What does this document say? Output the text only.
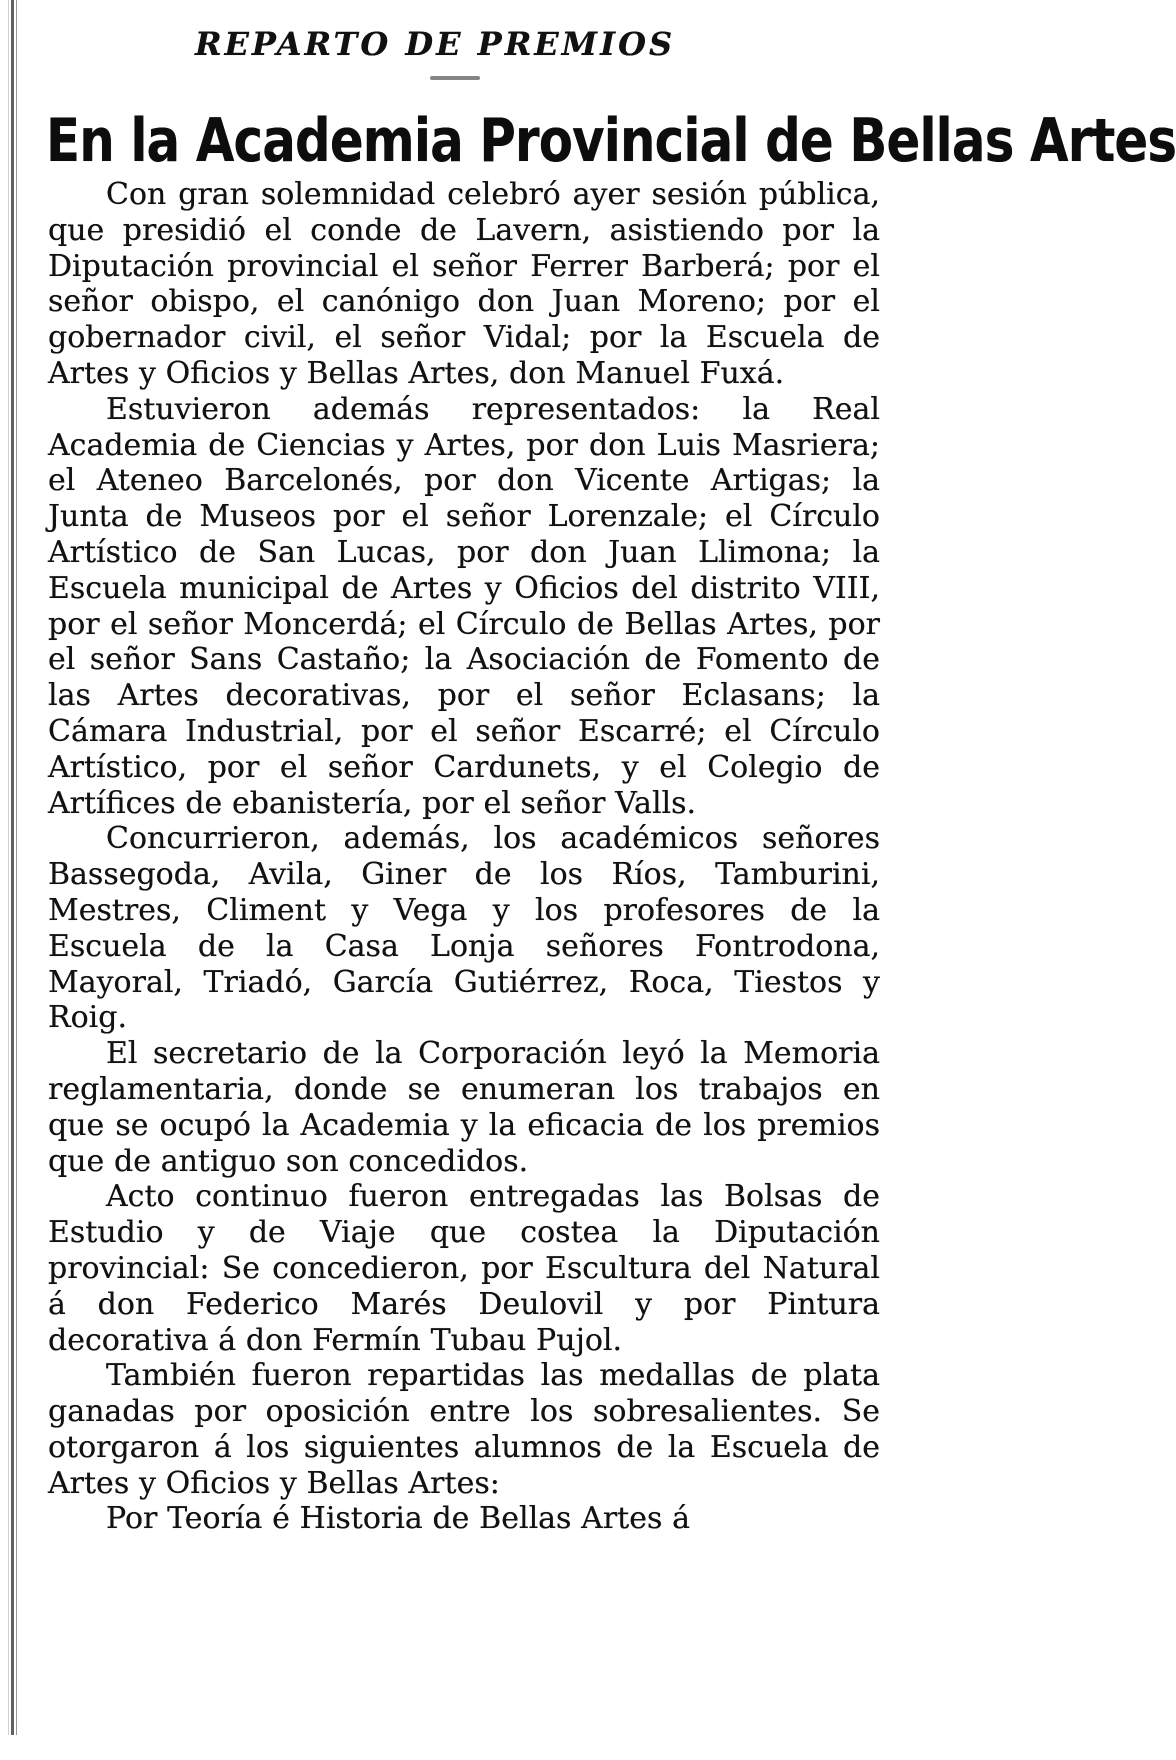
REPARTO DE PREMIOS
En la Academia Provincial de Bellas Artes

Con gran solemnidad celebró ayer sesión pública, que presidió el conde de Lavern, asistiendo por la Diputación provincial el señor Ferrer Barberá; por el señor obispo, el canónigo don Juan Moreno; por el gobernador civil, el señor Vidal; por la Escuela de Artes y Oficios y Bellas Artes, don Manuel Fuxá.

Estuvieron además representados: la Real Academia de Ciencias y Artes, por don Luis Masriera; el Ateneo Barcelonés, por don Vicente Artigas; la Junta de Museos por el señor Lorenzale; el Círculo Artístico de San Lucas, por don Juan Llimona; la Escuela municipal de Artes y Oficios del distrito VIII, por el señor Moncerdá; el Círculo de Bellas Artes, por el señor Sans Castaño; la Asociación de Fomento de las Artes decorativas, por el señor Eclasans; la Cámara Industrial, por el señor Escarré; el Círculo Artístico, por el señor Cardunets, y el Colegio de Artífices de ebanistería, por el señor Valls.

Concurrieron, además, los académicos señores Bassegoda, Avila, Giner de los Ríos, Tamburini, Mestres, Climent y Vega y los profesores de la Escuela de la Casa Lonja señores Fontrodona, Mayoral, Triadó, García Gutiérrez, Roca, Tiestos y Roig.

El secretario de la Corporación leyó la Memoria reglamentaria, donde se enumeran los trabajos en que se ocupó la Academia y la eficacia de los premios que de antiguo son concedidos.

Acto continuo fueron entregadas las Bolsas de Estudio y de Viaje que costea la Diputación provincial: Se concedieron, por Escultura del Natural á don Federico Marés Deulovil y por Pintura decorativa á don Fermín Tubau Pujol.

También fueron repartidas las medallas de plata ganadas por oposición entre los sobresalientes. Se otorgaron á los siguientes alumnos de la Escuela de Artes y Oficios y Bellas Artes:

Por Teoría é Historia de Bellas Artes á
